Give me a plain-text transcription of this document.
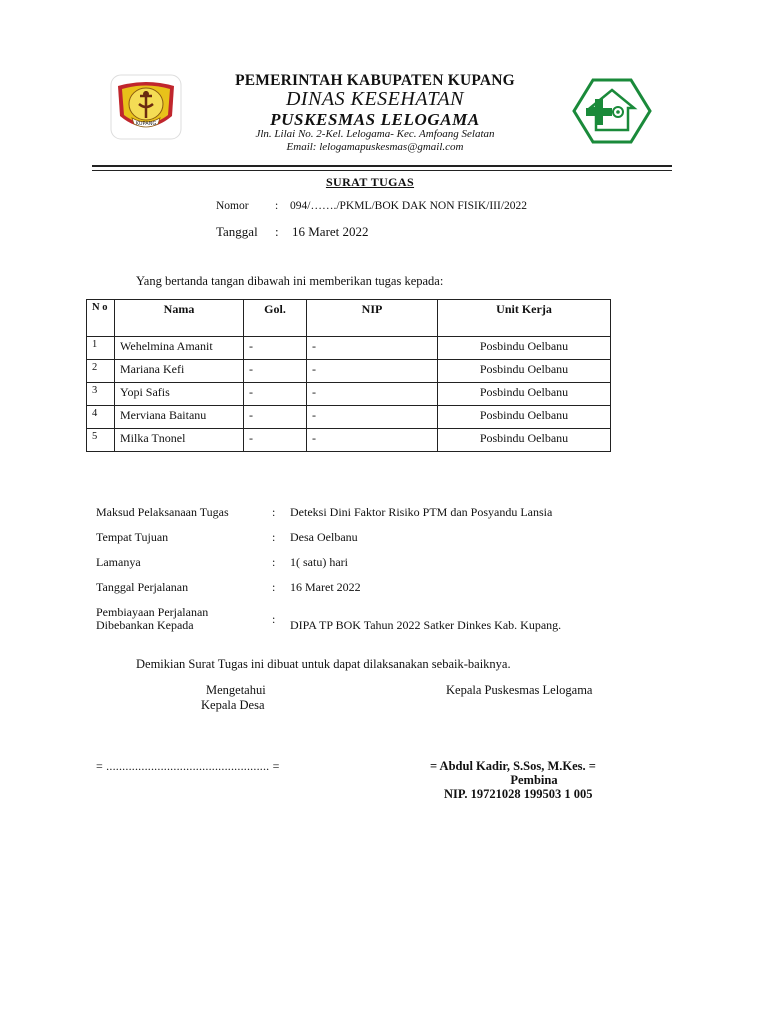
KUPANG
PEMERINTAH KABUPATEN KUPANG
DINAS KESEHATAN
PUSKESMAS LELOGAMA
Jln. Lilai No. 2-Kel. Lelogama- Kec. Amfoang Selatan
Email: lelogamapuskesmas@gmail.com
SURAT TUGAS
Nomor : 094/……./PKML/BOK DAK NON FISIK/III/2022
Tanggal : 16 Maret 2022
Yang bertanda tangan dibawah ini memberikan tugas kepada:
N o	Nama	Gol.	NIP	Unit Kerja
1	Wehelmina Amanit	-	-	Posbindu Oelbanu
2	Mariana Kefi	-	-	Posbindu Oelbanu
3	Yopi Safis	-	-	Posbindu Oelbanu
4	Merviana Baitanu	-	-	Posbindu Oelbanu
5	Milka Tnonel	-	-	Posbindu Oelbanu
Maksud Pelaksanaan Tugas	: Deteksi Dini Faktor Risiko PTM dan Posyandu Lansia
Tempat Tujuan	: Desa Oelbanu
Lamanya	: 1( satu) hari
Tanggal Perjalanan	: 16 Maret 2022
Pembiayaan Perjalanan
Dibebankan Kepada	: DIPA TP BOK Tahun 2022 Satker Dinkes Kab. Kupang.
Demikian Surat Tugas ini dibuat untuk dapat dilaksanakan sebaik-baiknya.
Mengetahui
Kepala Desa
Kepala Puskesmas Lelogama
= ................................................... =	= Abdul Kadir, S.Sos, M.Kes. =
Pembina
NIP. 19721028 199503 1 005
